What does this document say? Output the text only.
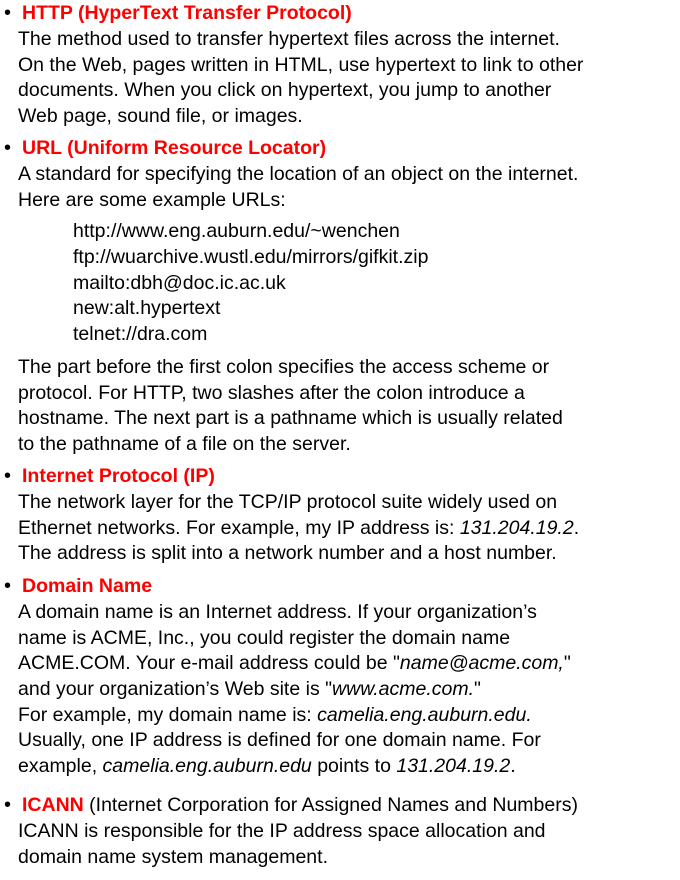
• HTTP (HyperText Transfer Protocol)
The method used to transfer hypertext files across the internet.
On the Web, pages written in HTML, use hypertext to link to other
documents. When you click on hypertext, you jump to another
Web page, sound file, or images.
• URL (Uniform Resource Locator)
A standard for specifying the location of an object on the internet.
Here are some example URLs:
http://www.eng.auburn.edu/~wenchen
ftp://wuarchive.wustl.edu/mirrors/gifkit.zip
mailto:dbh@doc.ic.ac.uk
new:alt.hypertext
telnet://dra.com
The part before the first colon specifies the access scheme or
protocol. For HTTP, two slashes after the colon introduce a
hostname. The next part is a pathname which is usually related
to the pathname of a file on the server.
• Internet Protocol (IP)
The network layer for the TCP/IP protocol suite widely used on
Ethernet networks. For example, my IP address is: 131.204.19.2.
The address is split into a network number and a host number.
• Domain Name
A domain name is an Internet address. If your organization’s
name is ACME, Inc., you could register the domain name
ACME.COM. Your e-mail address could be "name@acme.com,"
and your organization’s Web site is "www.acme.com."
For example, my domain name is: camelia.eng.auburn.edu.
Usually, one IP address is defined for one domain name. For
example, camelia.eng.auburn.edu points to 131.204.19.2.
• ICANN (Internet Corporation for Assigned Names and Numbers)
ICANN is responsible for the IP address space allocation and
domain name system management.
